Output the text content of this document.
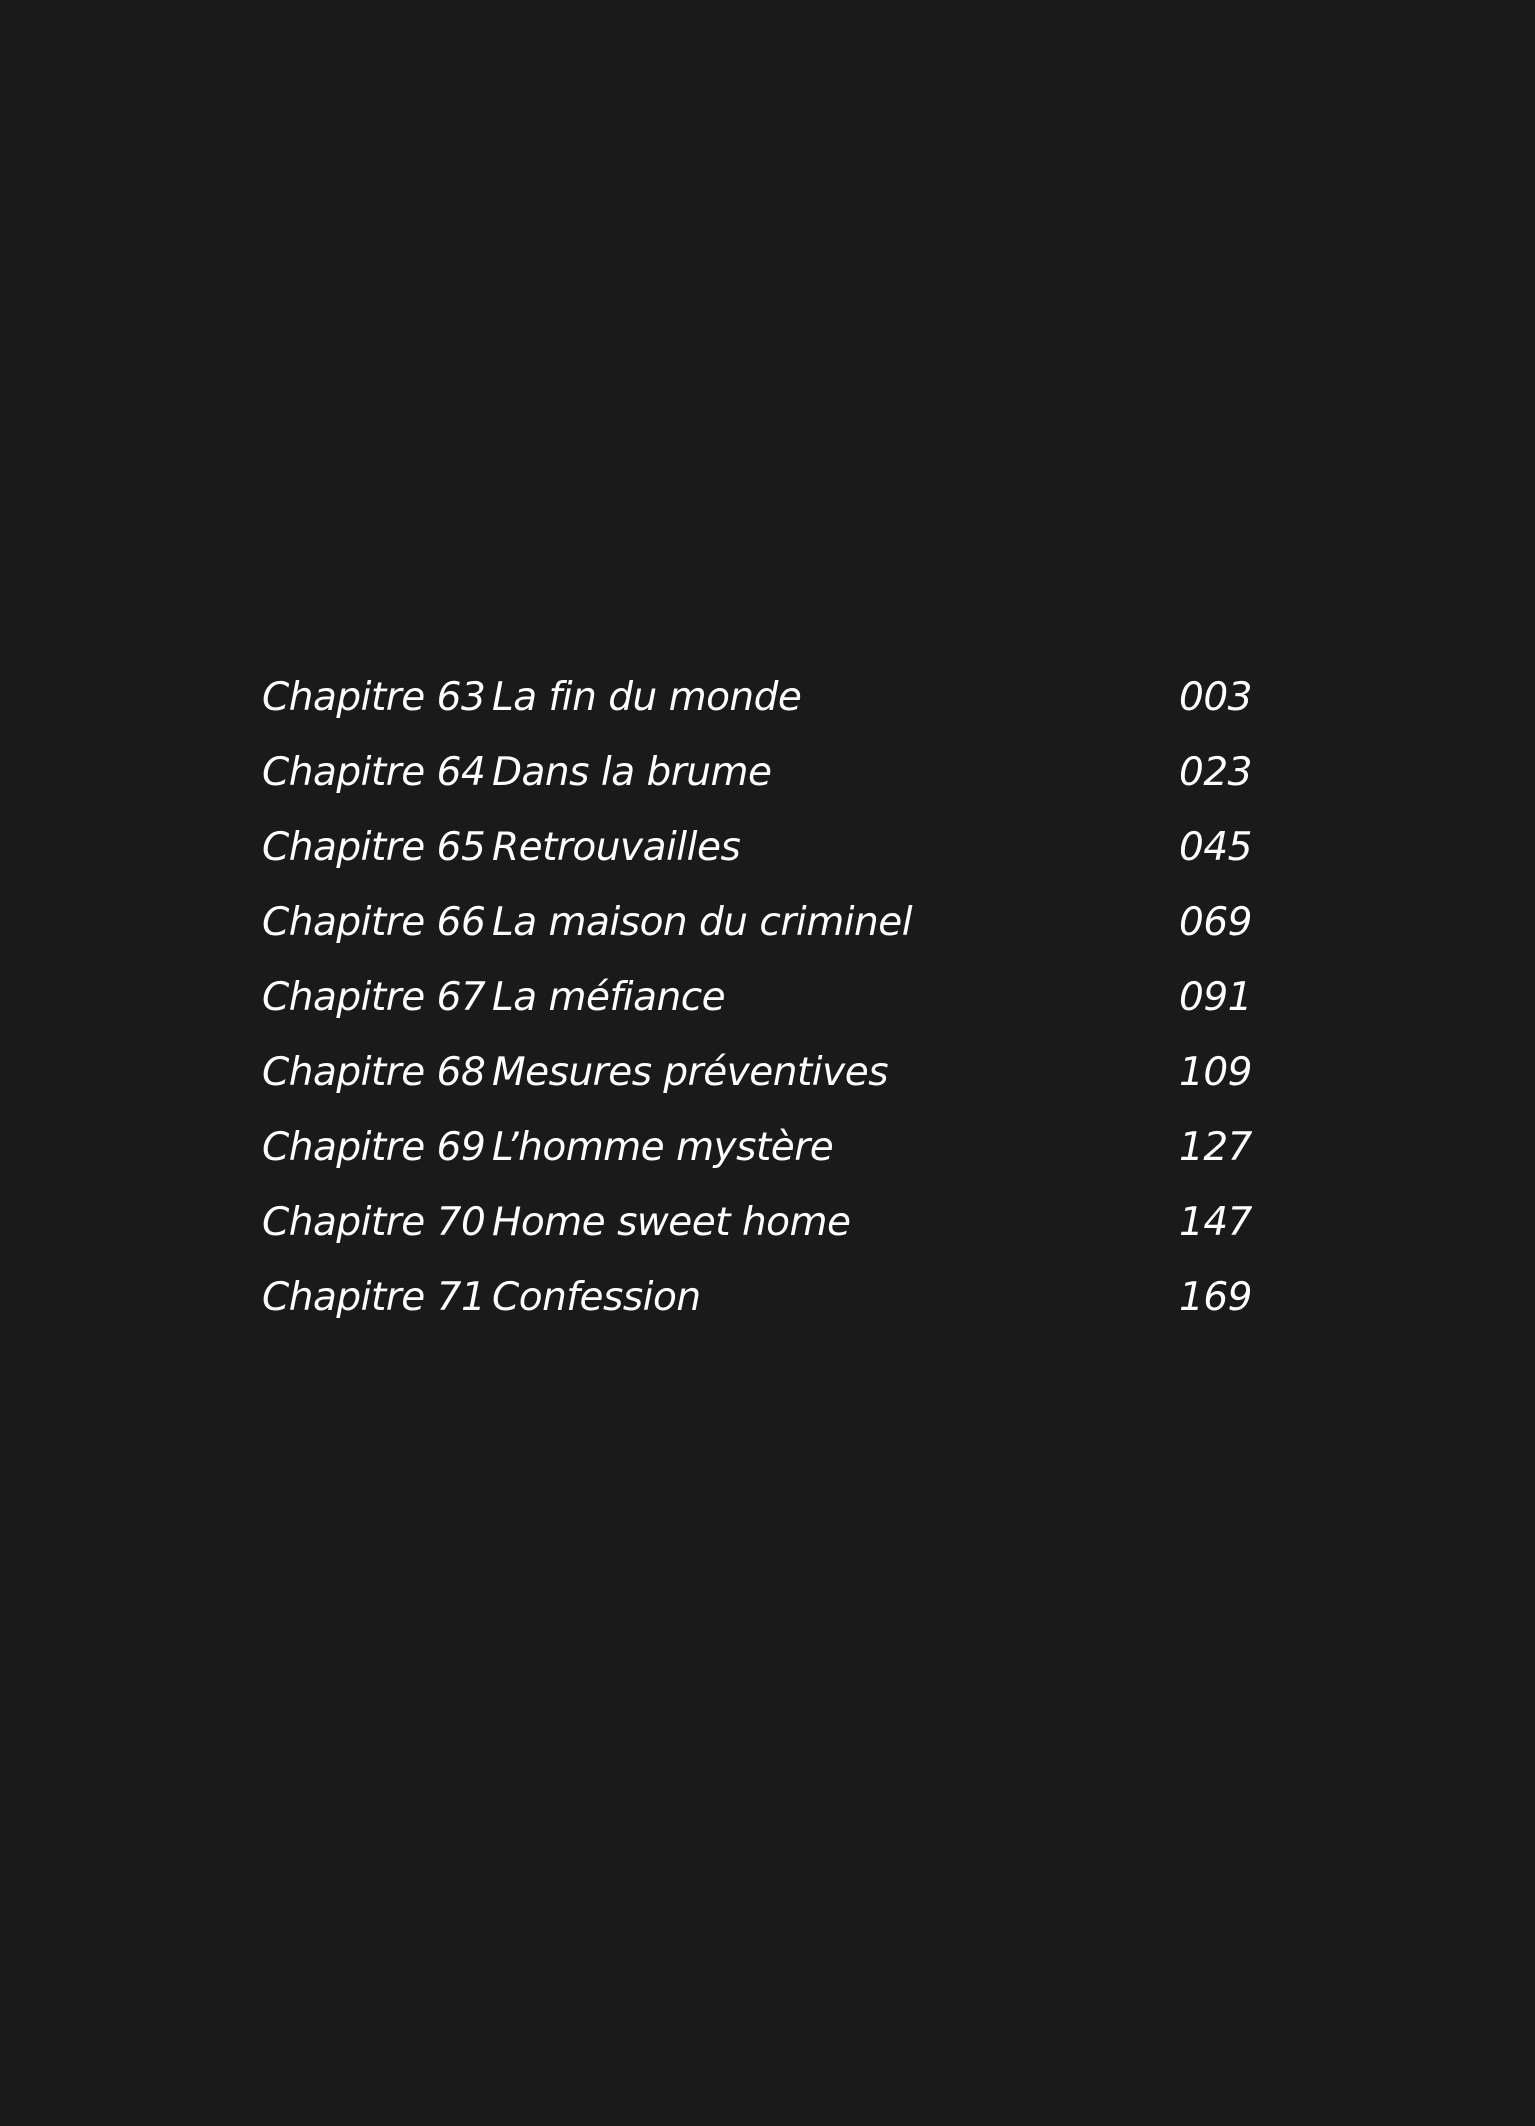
Chapitre 63 La fin du monde	003
Chapitre 64 Dans la brume	023
Chapitre 65 Retrouvailles	045
Chapitre 66 La maison du criminel	069
Chapitre 67 La méfiance	091
Chapitre 68 Mesures préventives	109
Chapitre 69 L’homme mystère	127
Chapitre 70 Home sweet home	147
Chapitre 71 Confession	169
